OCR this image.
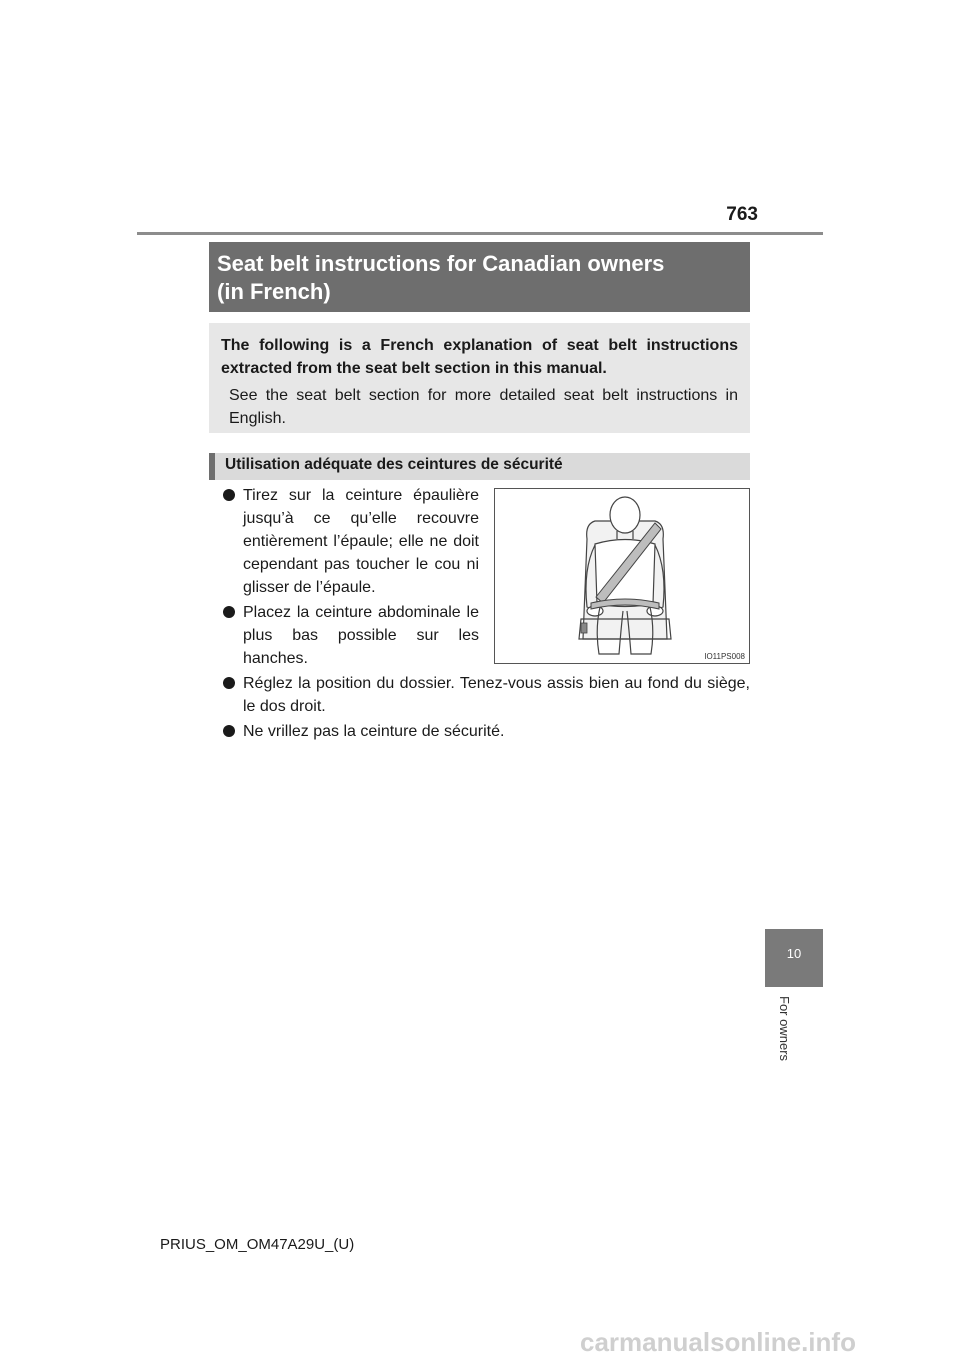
763

Seat belt instructions for Canadian owners
(in French)

The following is a French explanation of seat belt instructions extracted from the seat belt section in this manual.

See the seat belt section for more detailed seat belt instructions in English.

Utilisation adéquate des ceintures de sécurité
Tirez sur la ceinture épaulière jusqu’à ce qu’elle recouvre entièrement l’épaule; elle ne doit cependant pas toucher le cou ni glisser de l’épaule.
Placez la ceinture abdominale le plus bas possible sur les hanches.
Réglez la position du dossier. Tenez-vous assis bien au fond du siège, le dos droit.
Ne vrillez pas la ceinture de sécurité.
IO11PS008
10
For owners
PRIUS_OM_OM47A29U_(U)
carmanualsonline.info
